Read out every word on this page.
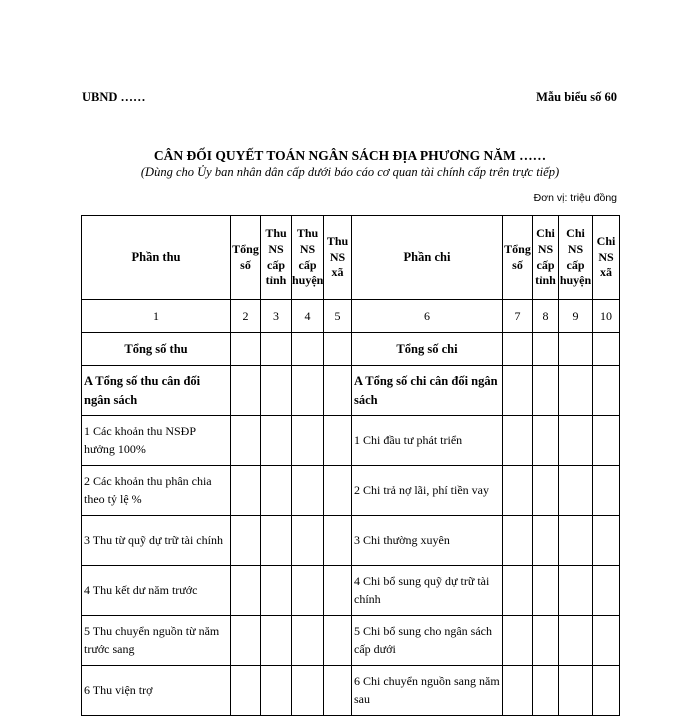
UBND ……	Mẫu biểu số 60
CÂN ĐỐI QUYẾT TOÁN NGÂN SÁCH ĐỊA PHƯƠNG NĂM ……
(Dùng cho Ủy ban nhân dân cấp dưới báo cáo cơ quan tài chính cấp trên trực tiếp)
Đơn vị: triệu đồng
Phần thu	Tổng số	Thu NS cấp tỉnh	Thu NS cấp huyện	Thu NS xã	Phần chi	Tổng số	Chi NS cấp tỉnh	Chi NS cấp huyện	Chi NS xã
1	2	3	4	5	6	7	8	9	10
Tổng số thu					Tổng số chi				
A Tổng số thu cân đối ngân sách					A Tổng số chi cân đối ngân sách				
1 Các khoản thu NSĐP hưởng 100%					1 Chi đầu tư phát triển				
2 Các khoản thu phân chia theo tỷ lệ %					2 Chi trả nợ lãi, phí tiền vay				
3 Thu từ quỹ dự trữ tài chính					3 Chi thường xuyên				
4 Thu kết dư năm trước					4 Chi bổ sung quỹ dự trữ tài chính				
5 Thu chuyển nguồn từ năm trước sang					5 Chi bổ sung cho ngân sách cấp dưới				
6 Thu viện trợ					6 Chi chuyển nguồn sang năm sau				
